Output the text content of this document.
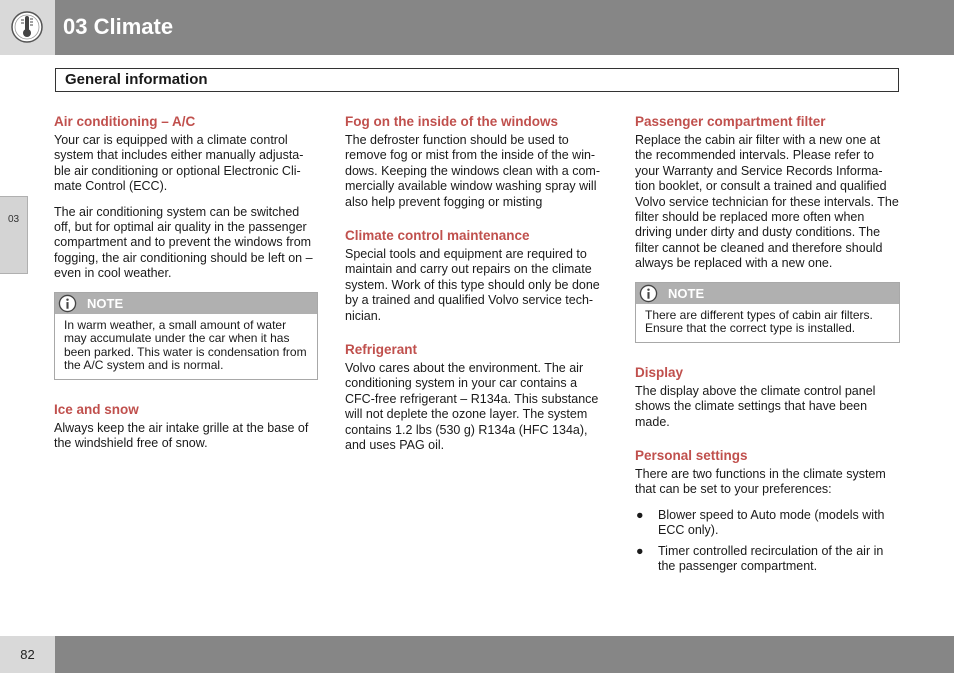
03 Climate
General information
03
Air conditioning – A/C

Your car is equipped with a climate control system that includes either manually adjusta-ble air conditioning or optional Electronic Cli-mate Control (ECC).

The air conditioning system can be switched off, but for optimal air quality in the passenger compartment and to prevent the windows from fogging, the air conditioning should be left on – even in cool weather.

NOTE
In warm weather, a small amount of water may accumulate under the car when it has been parked. This water is condensation from the A/C system and is normal.
Ice and snow

Always keep the air intake grille at the base of the windshield free of snow.

Fog on the inside of the windows

The defroster function should be used to remove fog or mist from the inside of the win-dows. Keeping the windows clean with a com-mercially available window washing spray will also help prevent fogging or misting

Climate control maintenance

Special tools and equipment are required to maintain and carry out repairs on the climate system. Work of this type should only be done by a trained and qualified Volvo service tech-nician.

Refrigerant

Volvo cares about the environment. The air conditioning system in your car contains a CFC-free refrigerant – R134a. This substance will not deplete the ozone layer. The system contains 1.2 lbs (530 g) R134a (HFC 134a), and uses PAG oil.

Passenger compartment filter

Replace the cabin air filter with a new one at the recommended intervals. Please refer to your Warranty and Service Records Informa-tion booklet, or consult a trained and qualified Volvo service technician for these intervals. The filter should be replaced more often when driving under dirty and dusty conditions. The filter cannot be cleaned and therefore should always be replaced with a new one.

NOTE
There are different types of cabin air filters. Ensure that the correct type is installed.
Display

The display above the climate control panel shows the climate settings that have been made.

Personal settings

There are two functions in the climate system that can be set to your preferences:

● Blower speed to Auto mode (models with ECC only).
● Timer controlled recirculation of the air in the passenger compartment.
82
